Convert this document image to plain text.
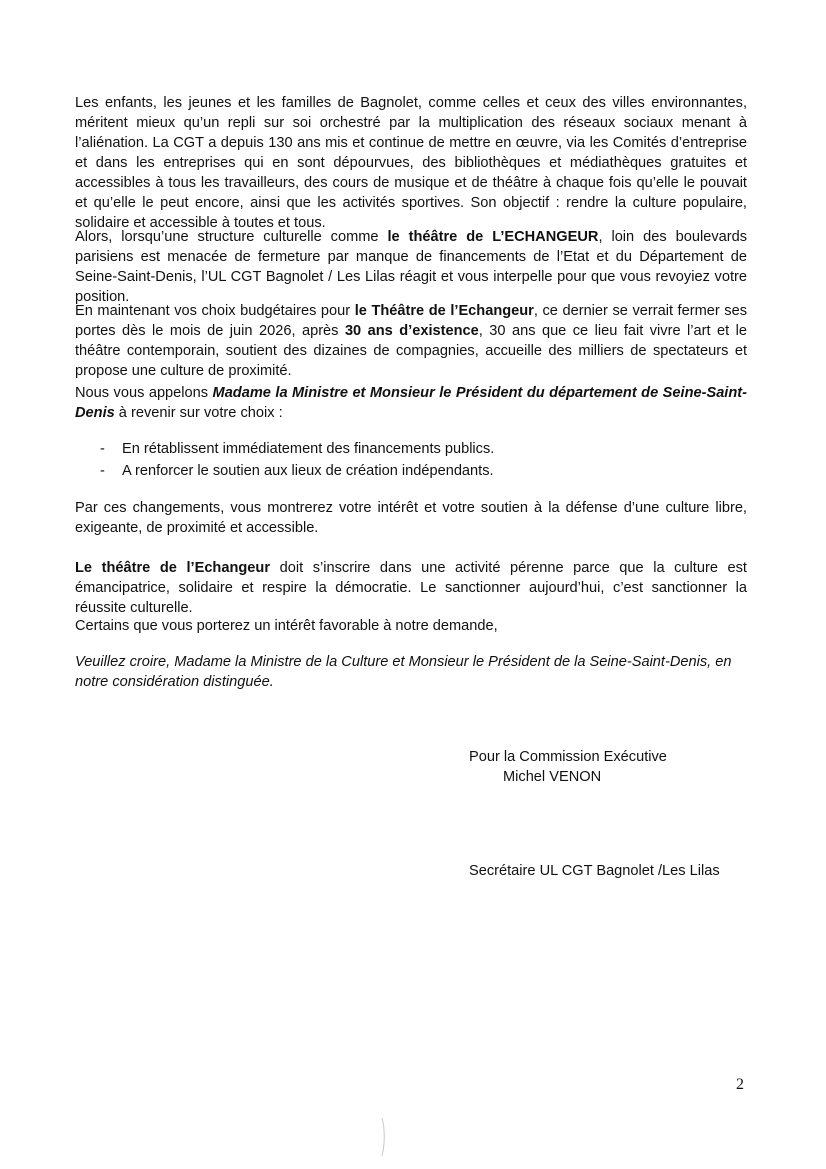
Les enfants, les jeunes et les familles de Bagnolet, comme celles et ceux des villes environnantes, méritent mieux qu’un repli sur soi orchestré par la multiplication des réseaux sociaux menant à l’aliénation. La CGT a depuis 130 ans mis et continue de mettre en œuvre, via les Comités d’entreprise et dans les entreprises qui en sont dépourvues, des bibliothèques et médiathèques gratuites et accessibles à tous les travailleurs, des cours de musique et de théâtre à chaque fois qu’elle le pouvait et qu’elle le peut encore, ainsi que les activités sportives. Son objectif : rendre la culture populaire, solidaire et accessible à toutes et tous.

Alors, lorsqu’une structure culturelle comme le théâtre de L’ECHANGEUR, loin des boulevards parisiens est menacée de fermeture par manque de financements de l’Etat et du Département de Seine-Saint-Denis, l’UL CGT Bagnolet / Les Lilas réagit et vous interpelle pour que vous revoyiez votre position.

En maintenant vos choix budgétaires pour le Théâtre de l’Echangeur, ce dernier se verrait fermer ses portes dès le mois de juin 2026, après 30 ans d’existence, 30 ans que ce lieu fait vivre l’art et le théâtre contemporain, soutient des dizaines de compagnies, accueille des milliers de spectateurs et propose une culture de proximité.

Nous vous appelons Madame la Ministre et Monsieur le Président du département de Seine-Saint-Denis à revenir sur votre choix :

- En rétablissent immédiatement des financements publics.
- A renforcer le soutien aux lieux de création indépendants.

Par ces changements, vous montrerez votre intérêt et votre soutien à la défense d’une culture libre, exigeante, de proximité et accessible.

Le théâtre de l’Echangeur doit s’inscrire dans une activité pérenne parce que la culture est émancipatrice, solidaire et respire la démocratie. Le sanctionner aujourd’hui, c’est sanctionner la réussite culturelle.

Certains que vous porterez un intérêt favorable à notre demande,

Veuillez croire, Madame la Ministre de la Culture et Monsieur le Président de la Seine-Saint-Denis, en notre considération distinguée.

Pour la Commission Exécutive
Michel VENON
Secrétaire UL CGT Bagnolet /Les Lilas
2
